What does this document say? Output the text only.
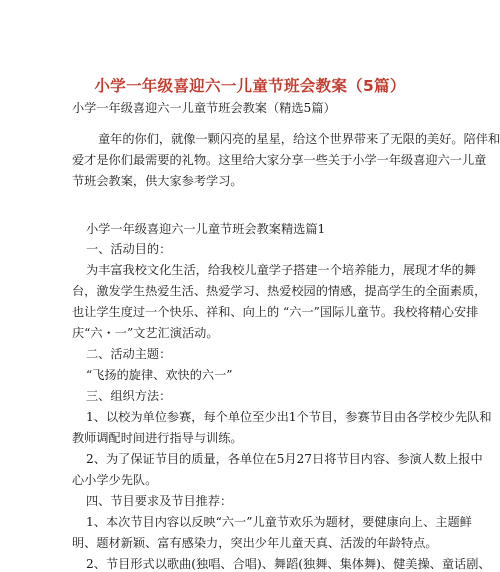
小学一年级喜迎六一儿童节班会教案（5篇）
小学一年级喜迎六一儿童节班会教案（精选5篇）
童年的你们，就像一颗闪亮的星星，给这个世界带来了无限的美好。陪伴和
爱才是你们最需要的礼物。这里给大家分享一些关于小学一年级喜迎六一儿童
节班会教案，供大家参考学习。
小学一年级喜迎六一儿童节班会教案精选篇1
一、活动目的：
为丰富我校文化生活，给我校儿童学子搭建一个培养能力，展现才华的舞
台，激发学生热爱生活、热爱学习、热爱校园的情感，提高学生的全面素质，
也让学生度过一个快乐、祥和、向上的 “六一”国际儿童节。我校将精心安排
庆“六・一”文艺汇演活动。
二、活动主题：
“飞扬的旋律、欢快的六一”
三、组织方法：
1、以校为单位参赛，每个单位至少出1个节目，参赛节目由各学校少先队和
教师调配时间进行指导与训练。
2、为了保证节目的质量，各单位在5月27日将节目内容、参演人数上报中
心小学少先队。
四、节目要求及节目推荐：
1、本次节目内容以反映“六一”儿童节欢乐为题材，要健康向上、主题鲜
明、题材新颖、富有感染力，突出少年儿童天真、活泼的年龄特点。
2、节目形式以歌曲(独唱、合唱)、舞蹈(独舞、集体舞)、健美操、童话剧、
